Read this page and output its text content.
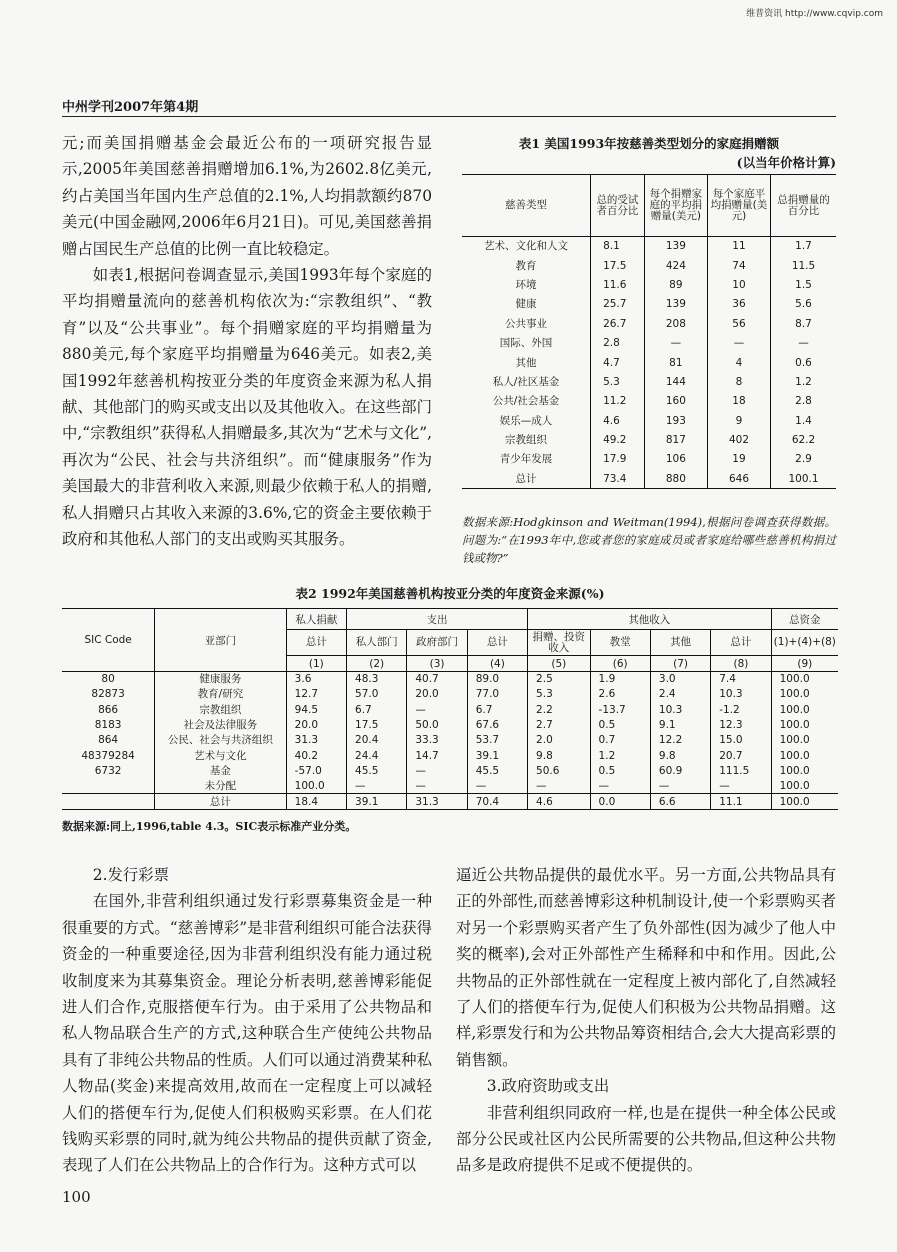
维普资讯 http://www.cqvip.com
中州学刊2007年第4期

元;而美国捐赠基金会最近公布的一项研究报告显示,2005年美国慈善捐赠增加6.1%,为2602.8亿美元,约占美国当年国内生产总值的2.1%,人均捐款额约870美元(中国金融网,2006年6月21日)。可见,美国慈善捐赠占国民生产总值的比例一直比较稳定。

如表1,根据问卷调查显示,美国1993年每个家庭的平均捐赠量流向的慈善机构依次为:“宗教组织”、“教育”以及“公共事业”。每个捐赠家庭的平均捐赠量为880美元,每个家庭平均捐赠量为646美元。如表2,美国1992年慈善机构按亚分类的年度资金来源为私人捐献、其他部门的购买或支出以及其他收入。在这些部门中,“宗教组织”获得私人捐赠最多,其次为“艺术与文化”,再次为“公民、社会与共济组织”。而“健康服务”作为美国最大的非营利收入来源,则最少依赖于私人的捐赠,私人捐赠只占其收入来源的3.6%,它的资金主要依赖于政府和其他私人部门的支出或购买其服务。

表1 美国1993年按慈善类型划分的家庭捐赠额
(以当年价格计算)
慈善类型	总的受试者百分比	每个捐赠家庭的平均捐赠量(美元)	每个家庭平均捐赠量(美元)	总捐赠量的百分比
艺术、文化和人文	8.1	139	11	1.7
教育	17.5	424	74	11.5
环境	11.6	89	10	1.5
健康	25.7	139	36	5.6
公共事业	26.7	208	56	8.7
国际、外国	2.8	—	—	—
其他	4.7	81	4	0.6
私人/社区基金	5.3	144	8	1.2
公共/社会基金	11.2	160	18	2.8
娱乐—成人	4.6	193	9	1.4
宗教组织	49.2	817	402	62.2
青少年发展	17.9	106	19	2.9
总计	73.4	880	646	100.1
数据来源:Hodgkinson and Weitman(1994),根据问卷调查获得数据。问题为:“在1993年中,您或者您的家庭成员或者家庭给哪些慈善机构捐过钱或物?”
表2 1992年美国慈善机构按亚分类的年度资金来源(%)
SIC Code	亚部门	私人捐献	支出			其他收入				总资金
		总计	私人部门	政府部门	总计	捐赠、投资收入	教堂	其他	总计	(1)+(4)+(8)
		(1)	(2)	(3)	(4)	(5)	(6)	(7)	(8)	(9)
80	健康服务	3.6	48.3	40.7	89.0	2.5	1.9	3.0	7.4	100.0
82873	教育/研究	12.7	57.0	20.0	77.0	5.3	2.6	2.4	10.3	100.0
866	宗教组织	94.5	6.7	—	6.7	2.2	-13.7	10.3	-1.2	100.0
8183	社会及法律服务	20.0	17.5	50.0	67.6	2.7	0.5	9.1	12.3	100.0
864	公民、社会与共济组织	31.3	20.4	33.3	53.7	2.0	0.7	12.2	15.0	100.0
48379284	艺术与文化	40.2	24.4	14.7	39.1	9.8	1.2	9.8	20.7	100.0
6732	基金	-57.0	45.5	—	45.5	50.6	0.5	60.9	111.5	100.0
	未分配	100.0	—	—	—	—	—	—	—	100.0
	总计	18.4	39.1	31.3	70.4	4.6	0.0	6.6	11.1	100.0
数据来源:同上,1996,table 4.3。SIC表示标准产业分类。

2.发行彩票

在国外,非营利组织通过发行彩票募集资金是一种很重要的方式。“慈善博彩”是非营利组织可能合法获得资金的一种重要途径,因为非营利组织没有能力通过税收制度来为其募集资金。理论分析表明,慈善博彩能促进人们合作,克服搭便车行为。由于采用了公共物品和私人物品联合生产的方式,这种联合生产使纯公共物品具有了非纯公共物品的性质。人们可以通过消费某种私人物品(奖金)来提高效用,故而在一定程度上可以减轻人们的搭便车行为,促使人们积极购买彩票。在人们花钱购买彩票的同时,就为纯公共物品的提供贡献了资金,表现了人们在公共物品上的合作行为。这种方式可以

逼近公共物品提供的最优水平。另一方面,公共物品具有正的外部性,而慈善博彩这种机制设计,使一个彩票购买者对另一个彩票购买者产生了负外部性(因为减少了他人中奖的概率),会对正外部性产生稀释和中和作用。因此,公共物品的正外部性就在一定程度上被内部化了,自然减轻了人们的搭便车行为,促使人们积极为公共物品捐赠。这样,彩票发行和为公共物品筹资相结合,会大大提高彩票的销售额。

3.政府资助或支出

非营利组织同政府一样,也是在提供一种全体公民或部分公民或社区内公民所需要的公共物品,但这种公共物品多是政府提供不足或不便提供的。

100
